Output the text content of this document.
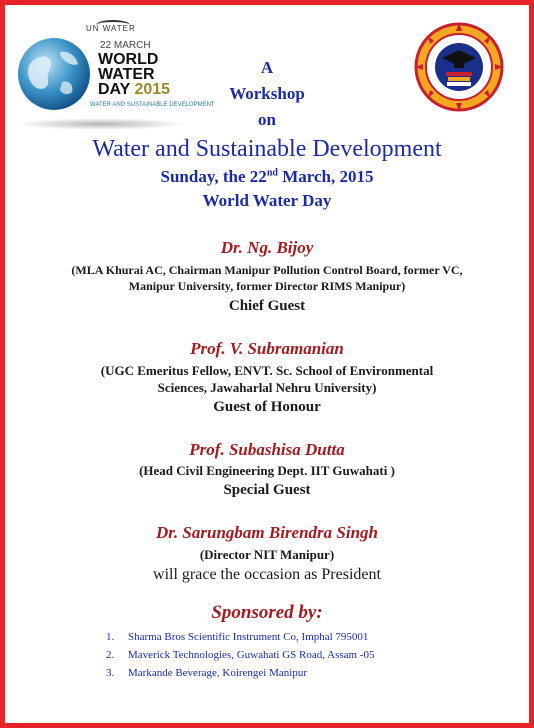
UN WATER
22 MARCH
WORLD
WATER
DAY 2015
WATER AND SUSTAINABLE DEVELOPMENT
A
Workshop
on
Water and Sustainable Development
Sunday, the 22nd March, 2015
World Water Day
Dr. Ng. Bijoy
(MLA Khurai AC, Chairman Manipur Pollution Control Board, former VC,
Manipur University, former Director RIMS Manipur)
Chief Guest
Prof. V. Subramanian
(UGC Emeritus Fellow, ENVT. Sc. School of Environmental
Sciences, Jawaharlal Nehru University)
Guest of Honour
Prof. Subashisa Dutta
(Head Civil Engineering Dept. IIT Guwahati )
Special Guest
Dr. Sarungbam Birendra Singh
(Director NIT Manipur)
will grace the occasion as President
Sponsored by:
1. Sharma Bros Scientific Instrument Co, Imphal 795001
2. Maverick Technologies, Guwahati GS Road, Assam -05
3. Markande Beverage, Koirengei Manipur
